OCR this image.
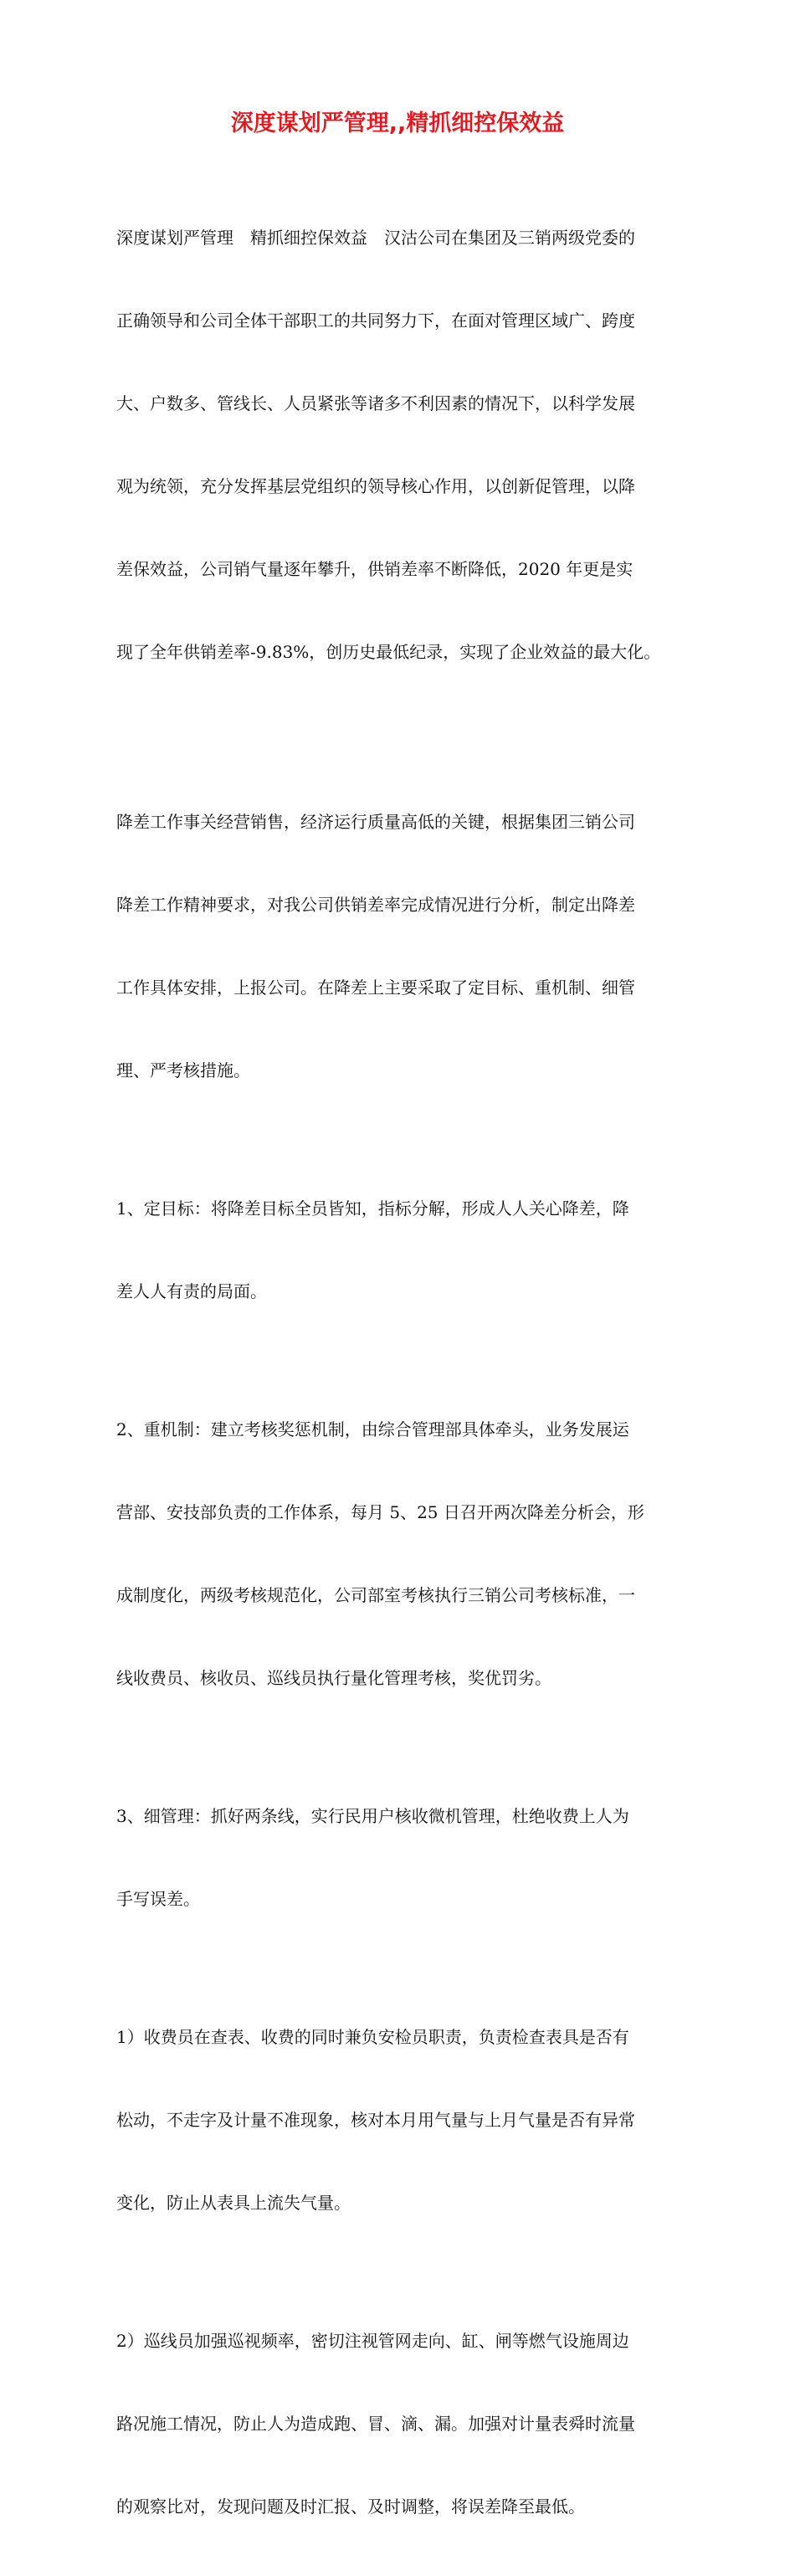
深度谋划严管理,,精抓细控保效益

深度谋划严管理　精抓细控保效益　汉沽公司在集团及三销两级党委的

正确领导和公司全体干部职工的共同努力下，在面对管理区域广、跨度

大、户数多、管线长、人员紧张等诸多不利因素的情况下，以科学发展

观为统领，充分发挥基层党组织的领导核心作用，以创新促管理，以降

差保效益，公司销气量逐年攀升，供销差率不断降低，2020 年更是实

现了全年供销差率-9.83%，创历史最低纪录，实现了企业效益的最大化。

降差工作事关经营销售，经济运行质量高低的关键，根据集团三销公司

降差工作精神要求，对我公司供销差率完成情况进行分析，制定出降差

工作具体安排，上报公司。在降差上主要采取了定目标、重机制、细管

理、严考核措施。

1、定目标：将降差目标全员皆知，指标分解，形成人人关心降差，降

差人人有责的局面。

2、重机制：建立考核奖惩机制，由综合管理部具体牵头，业务发展运

营部、安技部负责的工作体系，每月 5、25 日召开两次降差分析会，形

成制度化，两级考核规范化，公司部室考核执行三销公司考核标准，一

线收费员、核收员、巡线员执行量化管理考核，奖优罚劣。

3、细管理：抓好两条线，实行民用户核收微机管理，杜绝收费上人为

手写误差。

1）收费员在查表、收费的同时兼负安检员职责，负责检查表具是否有

松动，不走字及计量不准现象，核对本月用气量与上月气量是否有异常

变化，防止从表具上流失气量。

2）巡线员加强巡视频率，密切注视管网走向、缸、闸等燃气设施周边

路况施工情况，防止人为造成跑、冒、滴、漏。加强对计量表舜时流量

的观察比对，发现问题及时汇报、及时调整，将误差降至最低。
